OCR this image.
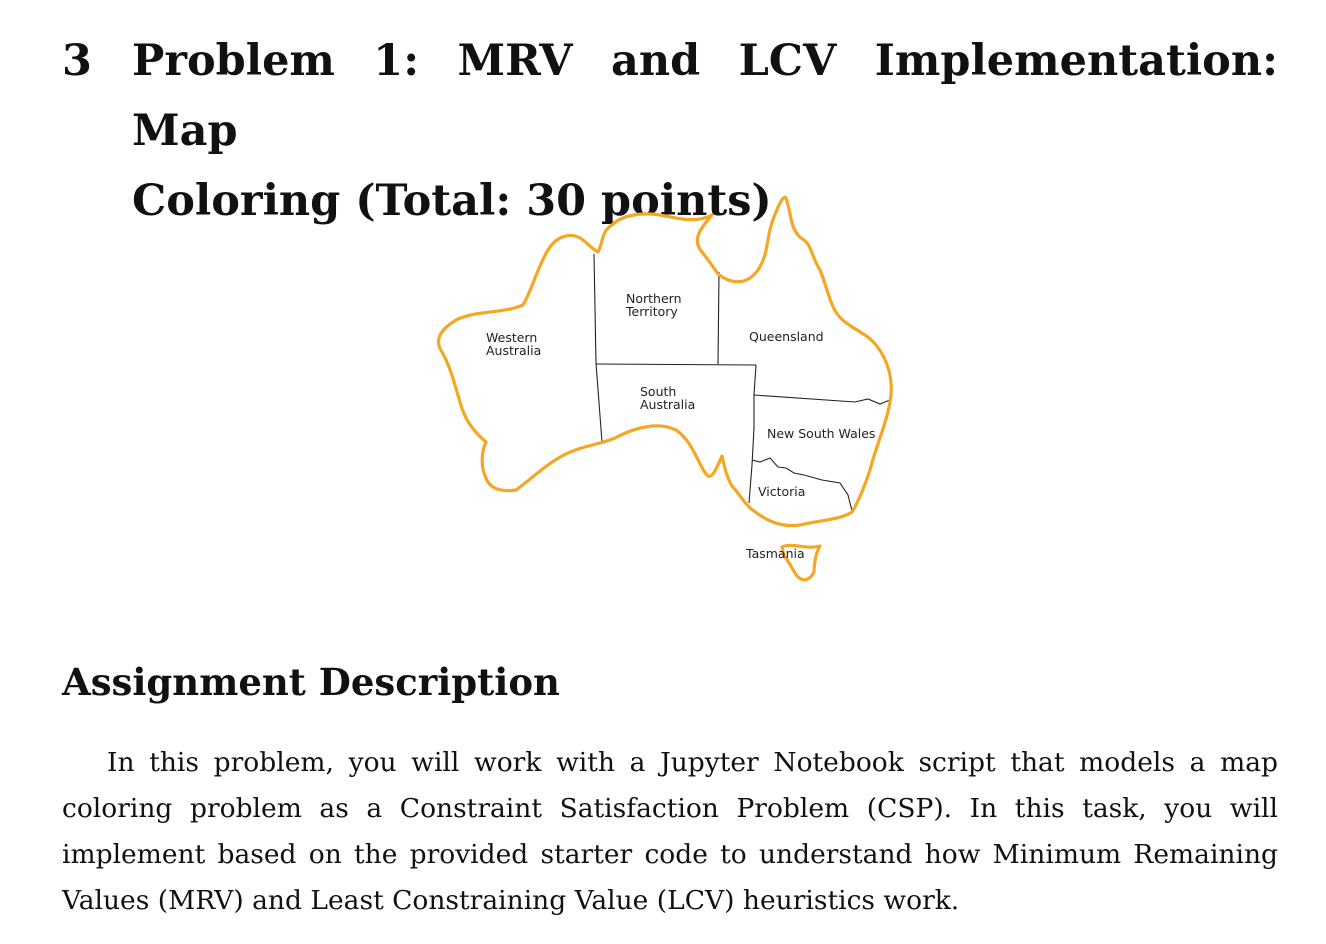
3 Problem 1: MRV and LCV Implementation: Map
Coloring (Total: 30 points)
Western
Australia
Northern
Territory
Queensland
South
Australia
New South Wales
Victoria
Tasmania
Assignment Description

In this problem, you will work with a Jupyter Notebook script that models a map coloring problem as a Constraint Satisfaction Problem (CSP). In this task, you will implement based on the provided starter code to understand how Minimum Remaining Values (MRV) and Least Constraining Value (LCV) heuristics work.
